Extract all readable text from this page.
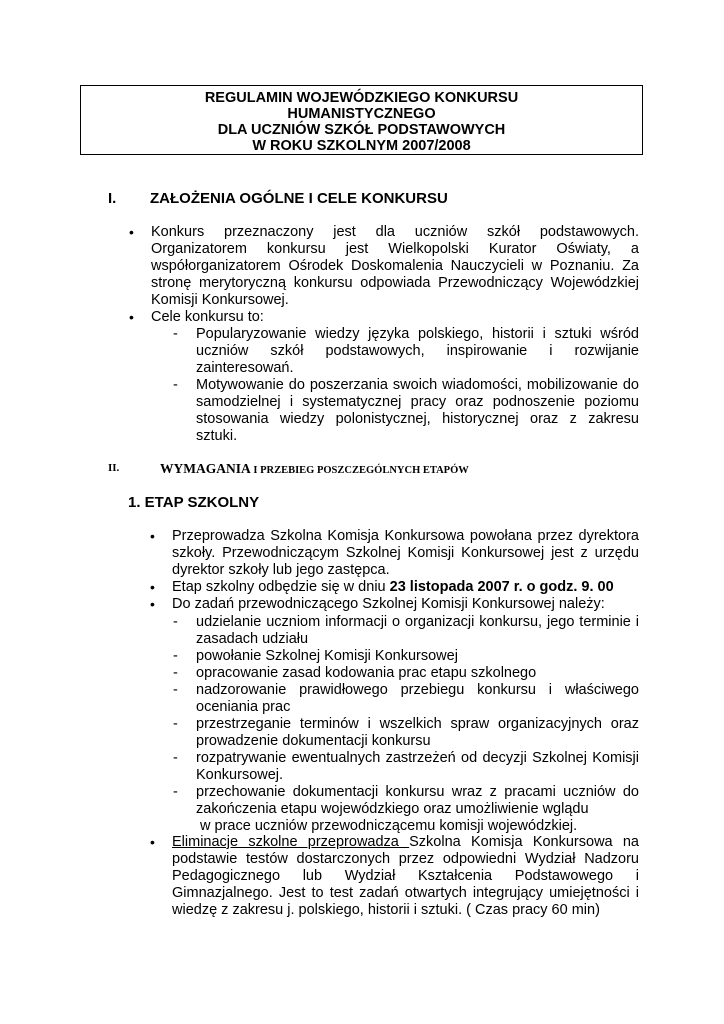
REGULAMIN WOJEWÓDZKIEGO KONKURSU
HUMANISTYCZNEGO
DLA UCZNIÓW SZKÓŁ PODSTAWOWYCH
W ROKU SZKOLNYM 2007/2008
I. ZAŁOŻENIA OGÓLNE I CELE KONKURSU
• Konkurs przeznaczony jest dla uczniów szkół podstawowych. Organizatorem konkursu jest Wielkopolski Kurator Oświaty, a współorganizatorem Ośrodek Doskomalenia Nauczycieli w Poznaniu. Za stronę merytoryczną konkursu odpowiada Przewodniczący Wojewódzkiej Komisji Konkursowej.
• Cele konkursu to:
- Popularyzowanie wiedzy języka polskiego, historii i sztuki wśród uczniów szkół podstawowych, inspirowanie i rozwijanie zainteresowań.
- Motywowanie do poszerzania swoich wiadomości, mobilizowanie do samodzielnej i systematycznej pracy oraz podnoszenie poziomu stosowania wiedzy polonistycznej, historycznej oraz z zakresu sztuki.
II.	WYMAGANIA I PRZEBIEG POSZCZEGÓLNYCH ETAPÓW
1. ETAP SZKOLNY
• Przeprowadza Szkolna Komisja Konkursowa powołana przez dyrektora szkoły. Przewodniczącym Szkolnej Komisji Konkursowej jest z urzędu dyrektor szkoły lub jego zastępca.
• Etap szkolny odbędzie się w dniu 23 listopada 2007 r. o godz. 9. 00
• Do zadań przewodniczącego Szkolnej Komisji Konkursowej należy:
- udzielanie uczniom informacji o organizacji konkursu, jego terminie i zasadach udziału
- powołanie Szkolnej Komisji Konkursowej
- opracowanie zasad kodowania prac etapu szkolnego
- nadzorowanie prawidłowego przebiegu konkursu i właściwego oceniania prac
- przestrzeganie terminów i wszelkich spraw organizacyjnych oraz prowadzenie dokumentacji konkursu
- rozpatrywanie ewentualnych zastrzeżeń od decyzji Szkolnej Komisji Konkursowej.
- przechowanie dokumentacji konkursu wraz z pracami uczniów do zakończenia etapu wojewódzkiego oraz umożliwienie wglądu
w prace uczniów przewodniczącemu komisji wojewódzkiej.
• Eliminacje szkolne przeprowadza Szkolna Komisja Konkursowa na podstawie testów dostarczonych przez odpowiedni Wydział Nadzoru Pedagogicznego lub Wydział Kształcenia Podstawowego i Gimnazjalnego. Jest to test zadań otwartych integrujący umiejętności i wiedzę z zakresu j. polskiego, historii i sztuki. ( Czas pracy 60 min)
